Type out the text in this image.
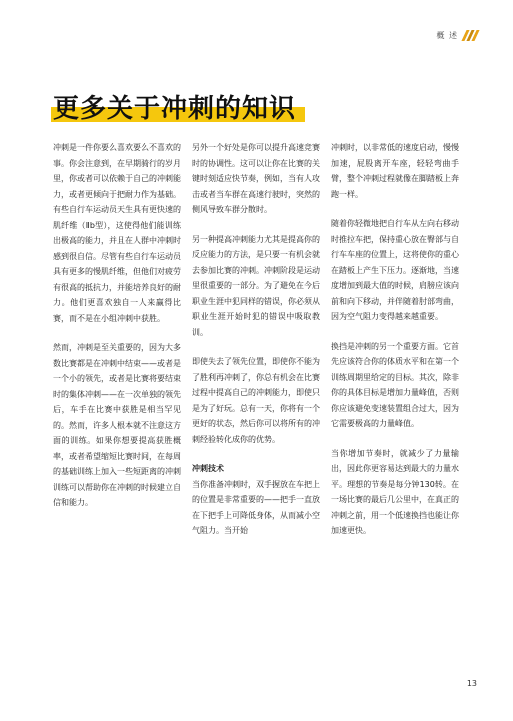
概 述
更多关于冲刺的知识

冲刺是一件你要么喜欢要么不喜欢的事。你会注意到，在早期骑行的岁月里，你或者可以依赖于自己的冲刺能力，或者更倾向于把耐力作为基础。有些自行车运动员天生具有更快速的肌纤维（Ⅱb型），这使得他们能训练出极高的能力，并且在人群中冲刺时感到很自信。尽管有些自行车运动员具有更多的慢肌纤维，但他们对疲劳有很高的抵抗力，并能培养良好的耐力。他们更喜欢独自一人来赢得比赛，而不是在小组冲刺中获胜。

然而，冲刺是至关重要的，因为大多数比赛都是在冲刺中结束——或者是一个小的领先，或者是比赛将要结束时的集体冲刺——在一次单独的领先后，车手在比赛中获胜是相当罕见的。然而，许多人根本就不注意这方面的训练。如果你想要提高获胜概率，或者希望缩短比赛时间，在每周的基础训练上加入一些短距离的冲刺训练可以帮助你在冲刺的时候建立自信和能力。

另外一个好处是你可以提升高速竞赛时的协调性。这可以让你在比赛的关键时刻适应快节奏，例如，当有人攻击或者当车群在高速行驶时，突然的侧风导致车群分散时。

另一种提高冲刺能力尤其是提高你的反应能力的方法，是只要一有机会就去参加比赛的冲刺。冲刺阶段是运动里很重要的一部分。为了避免在今后职业生涯中犯同样的错误，你必须从职业生涯开始时犯的错误中吸取教训。

即使失去了领先位置，即使你不能为了胜利再冲刺了，你总有机会在比赛过程中提高自己的冲刺能力，即使只是为了好玩。总有一天，你将有一个更好的状态，然后你可以将所有的冲刺经验转化成你的优势。

冲刺技术

当你准备冲刺时，双手握放在车把上的位置是非常重要的——把手一直放在下把手上可降低身体，从而减小空气阻力。当开始

冲刺时，以非常低的速度启动，慢慢加速，屁股离开车座，轻轻弯曲手臂，整个冲刺过程就像在脚踏板上奔跑一样。

随着你轻微地把自行车从左向右移动时推拉车把，保持重心放在臀部与自行车车座的位置上，这将使你的重心在踏板上产生下压力。逐渐地，当速度增加到最大值的时候，肩膀应该向前和向下移动，并伴随着肘部弯曲，因为空气阻力变得越来越重要。

换挡是冲刺的另一个重要方面。它首先应该符合你的体质水平和在第一个训练周期里给定的目标。其次，除非你的具体目标是增加力量峰值，否则你应该避免变速装置组合过大，因为它需要极高的力量峰值。

当你增加节奏时，就减少了力量输出，因此你更容易达到最大的力量水平。理想的节奏是每分钟130转。在一场比赛的最后几公里中，在真正的冲刺之前，用一个低速换挡也能让你加速更快。

13
